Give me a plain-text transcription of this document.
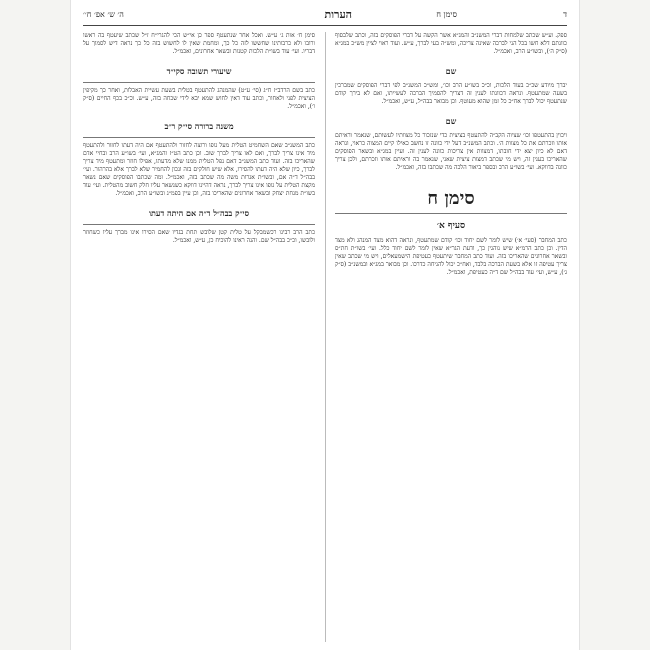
ד
סימן ח
הערות
ה׳ ש׳ אפ׳ ח׳׳

ספק. וע״ש שכתב שלמחות דברי המשנ״ב והמג״א אשר הקשה על דברי הפוסקים בזה, וכתב שלבסוף כוונתם דלא חשו בכל הני לברכה שאינה צריכה, ומש״ה בעי לברך, ע״ש. ועוד ראוי לציין מש״כ במג״א (ס״ק ה׳), ובשו״ע הרב, ואכמ״ל.

שם

יברך מיודע שכ״כ בעוד הלכות, וכ״כ בשו״ע הרב וכו׳, ומש״כ המשנ״ב לפי דברי הפוסקים שמברכין בשעה שמתעטף. ונראה דכוונתו לענין זה דצריך להסמיך הברכה לעשייתו, ואם לא בירך קודם שנתעטף יכול לברך אח״כ כל זמן שהוא מעוטף. וכן מבואר בבה״ל, ע״ש, ואכמ״ל.

שם

ויכוין בהתעטפו וכו׳ שציוה הקב״ה להתעטף בציצית כדי שנזכור כל מצוותיו לעשותם, שנאמר וראיתם אותו וזכרתם את כל מצוות ה׳. וכתב המשנ״ב דעל ידי כוונה זו נחשב כאילו קיים המצוה כראוי, ונראה דאם לא כיון יצא ידי חובתו, דמצוות אין צריכות כוונה לענין זה. ועיין במג״א ובשאר הפוסקים שהאריכו בענין זה, ויש מי שכתב דמצות ציצית שאני, שנאמר בה וראיתם אותו וזכרתם, ולכן צריך כוונה בדווקא. ועי׳ בשו״ע הרב ובספר ביאור הלכה מה שכתבו בזה, ואכמ״ל.

סימן ח
סעיף א׳

כתב המחבר (סעי׳ א׳) שיש לומר לשם יחוד וכו׳ קודם שמתעטף, ונראה דהוא מצד המנהג ולא מצד הדין. וכן כתב הרמ״א שיש נוהגין כך, ודעת הגר״א שאין לומר לשם יחוד כלל. ועי׳ בשו״ת חת״ס ובשאר אחרונים שהאריכו בזה. ועוד כתב המחבר שיתעטף כעטיפת הישמעאלים, ויש מי שכתב שאין צריך עטיפה זו אלא בשעת הברכה בלבד, ואח״כ יכול להניחה כדרכו. וכן מבואר במג״א ובמשנ״ב (ס״ק ג׳), ע״ש, ועי׳ עוד בבה״ל שם ד״ה כעטיפת, ואכמ״ל.

סימן ח׳ אות ג׳ ע״ש. ואכל אחר שנתעטף ספר כן אי״ש הכי להגרי״ח ז״ל שכתב שיעטף בה ראשו ורובו ולא כרבותינו שחששו לזה כל כך, ומחמת שאין לו לחשוש בזה כל כך נראה דיש לסמוך על דבריו. ועי׳ עוד בשו״ת הלכות קטנות ובשאר אחרונים, ואכמ״ל.

שיעורי תשובה סקי״ד

כתב בשם הרדב״ז ח״ג (סי׳ ע״ט) שהמנהג להתעטף בטלית בשעת עשיית האבלות, ואחר כך מקיפין הציצית לפני ולאחור, וכתב עוד דאין לחוש שמא יבא לידי שכחה בזה, ע״ש. וכ״כ בכף החיים (ס״ק ו׳), ואכמ״ל.

משנה ברורה סי״ק ר״ב

כתב המשנ״ב שאם השחמיט הטלית מעל גופו ורוצה לחזור ולהתעטף אם היה דעתו לחזור ולהתעטף מיד אינו צריך לברך, ואם לאו צריך לברך שוב. וכן כתב הט״ז והמג״א, ועי׳ בשו״ע הרב ובחיי אדם שהאריכו בזה. ועוד כתב המשנ״ב דאם נפל הטלית ממנו שלא מדעתו, אפילו חוזר ומתעטף מיד צריך לברך, כיון שלא היה דעתו להסירו, אלא שיש חולקים בזה ונכון להחמיר שלא לברך אלא בהרהור. ועי׳ בבה״ל ד״ה אם, ובשו״ת אגרות משה מה שכתב בזה, ואכמ״ל. ומה שכתבו הפוסקים שאם נשאר מקצת הטלית על גופו אינו צריך לברך, נראה דהיינו דווקא כשנשאר עליו חלק חשוב מהטלית. ועי׳ עוד בשו״ת מנחת יצחק ובשאר אחרונים שהאריכו בזה, וכן עיין בפמ״ג ובשו״ע הרב, ואכמ״ל.

סי״ק בבה״ל ד״ה אם היתה דעתו

כתב הרב רבינו רכשמבקל על טלית קטן שלובש תחת בגדיו שאם הסירו אינו מברך עליו כשחוזר ולובשו, וכ״כ בבה״ל שם. והנה ראינו להוכיח כן, ע״ש, ואכמ״ל.
